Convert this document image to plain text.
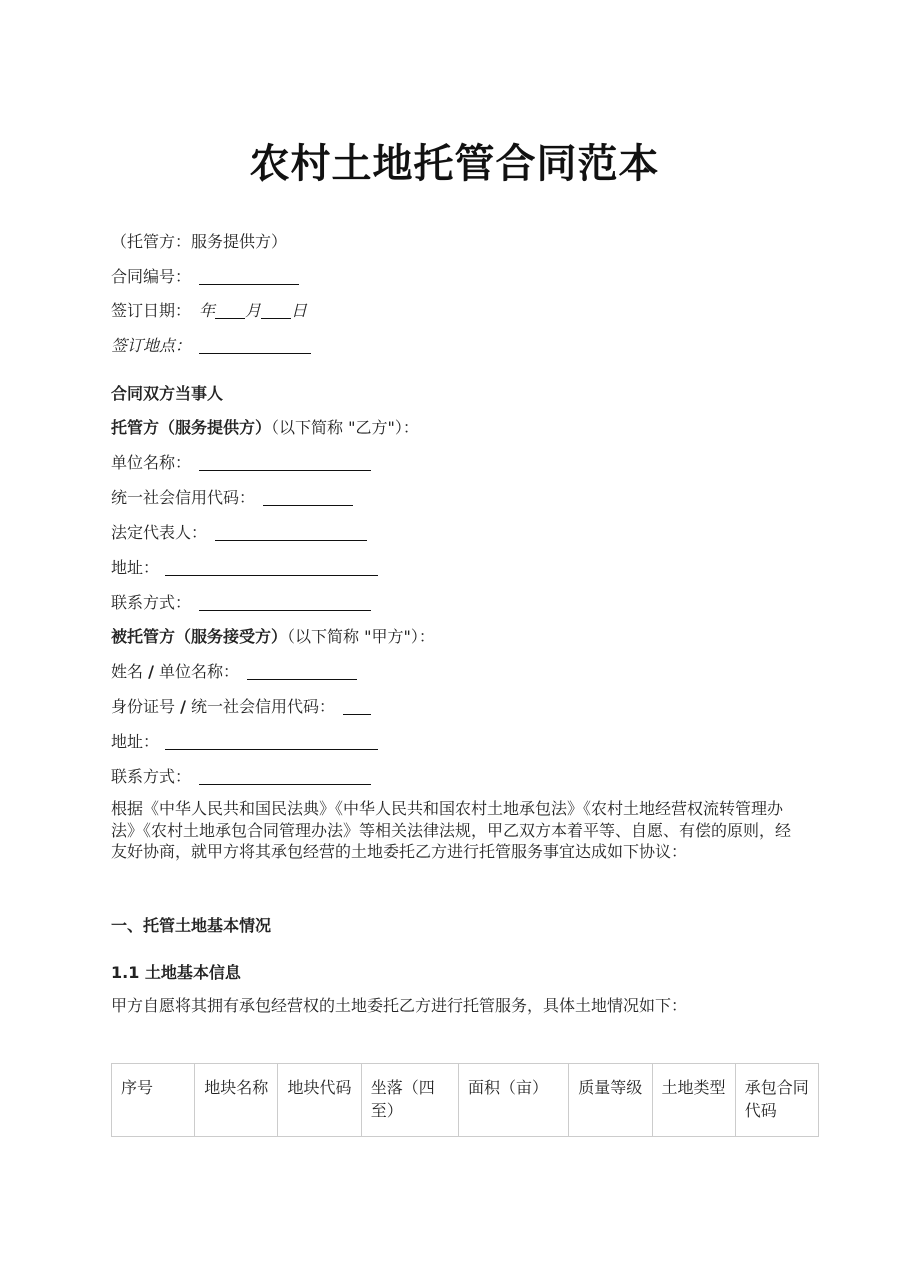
农村土地托管合同范本
（托管方：服务提供方）
合同编号：
签订日期： 年 月 日
签订地点：
合同双方当事人
托管方（服务提供方）（以下简称 "乙方"）：
单位名称：
统一社会信用代码：
法定代表人：
地址：
联系方式：
被托管方（服务接受方）（以下简称 "甲方"）：
姓名 / 单位名称：
身份证号 / 统一社会信用代码：
地址：
联系方式：
根据《中华人民共和国民法典》《中华人民共和国农村土地承包法》《农村土地经营权流转管理办法》《农村土地承包合同管理办法》等相关法律法规，甲乙双方本着平等、自愿、有偿的原则，经友好协商，就甲方将其承包经营的土地委托乙方进行托管服务事宜达成如下协议：
一、托管土地基本情况
1.1 土地基本信息
甲方自愿将其拥有承包经营权的土地委托乙方进行托管服务，具体土地情况如下：
序号	地块名称	地块代码	坐落（四至）	面积（亩）	质量等级	土地类型	承包合同代码
